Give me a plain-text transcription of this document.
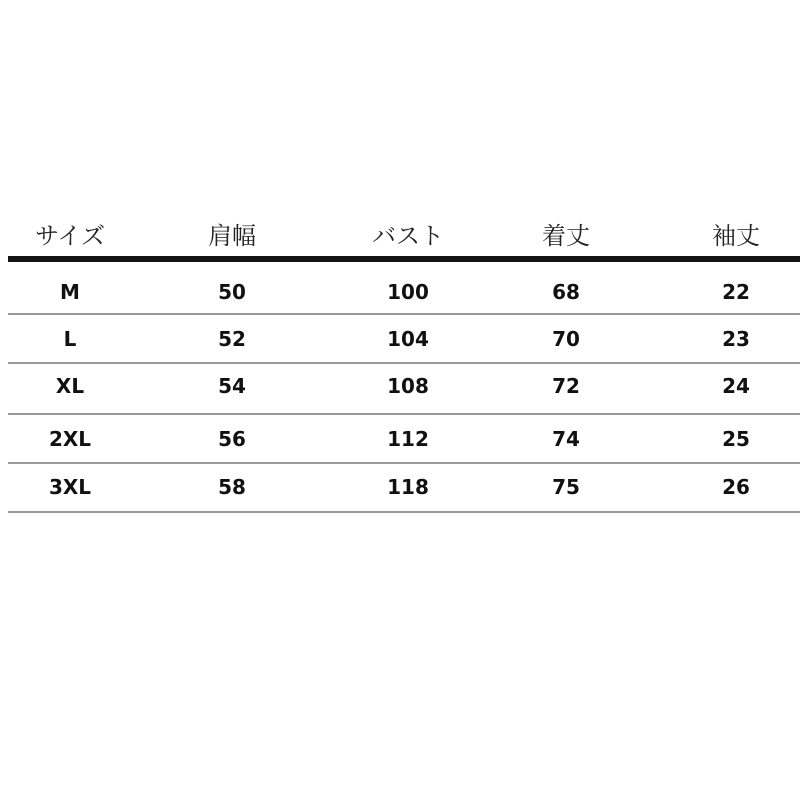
サイズ	肩幅	バスト	着丈	袖丈
M	50	100	68	22
L	52	104	70	23
XL	54	108	72	24
2XL	56	112	74	25
3XL	58	118	75	26
